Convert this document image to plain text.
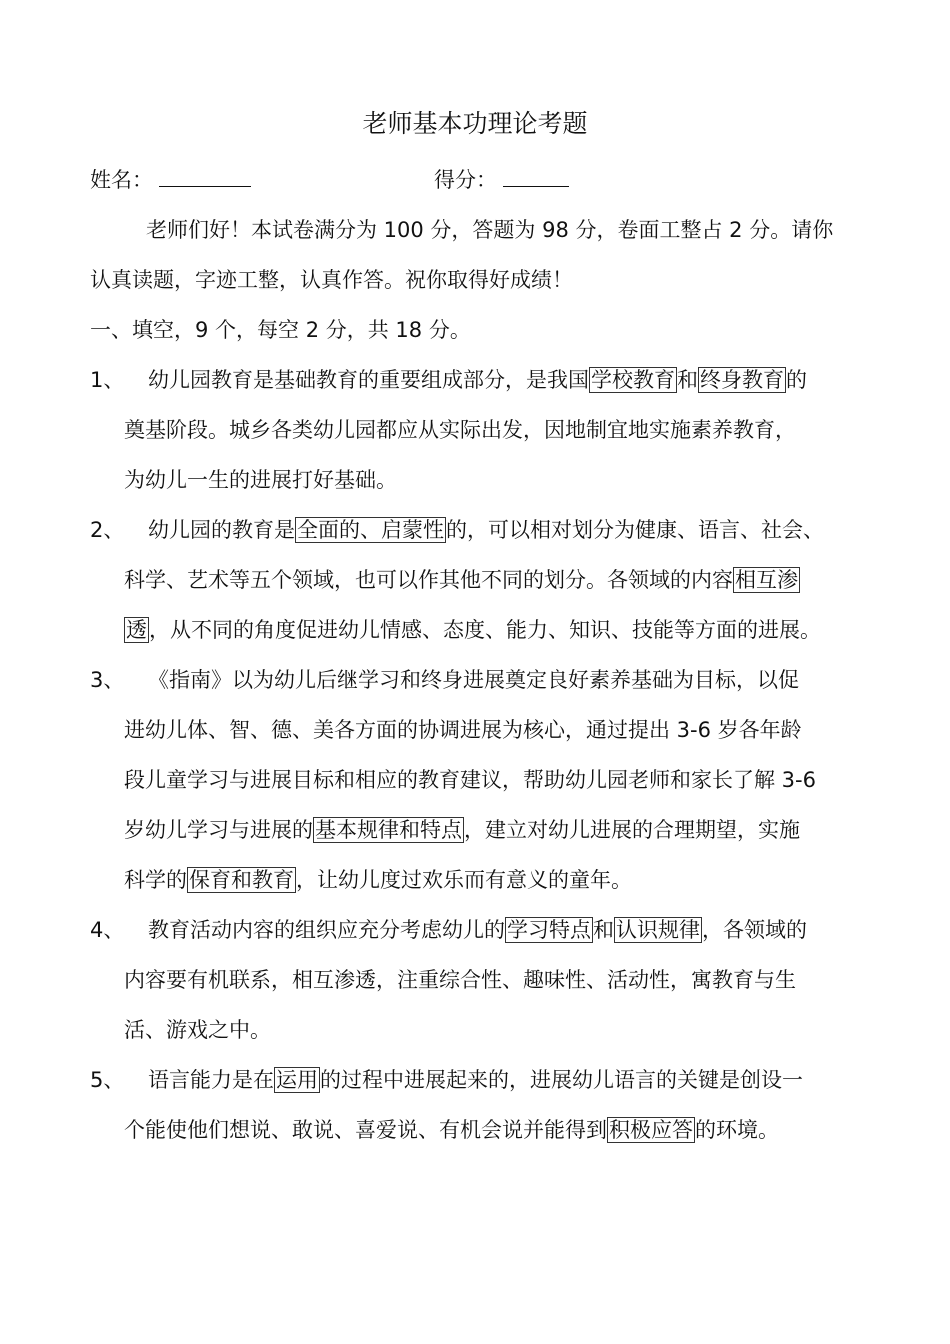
老师基本功理论考题
姓名：	得分：
老师们好！本试卷满分为 100 分，答题为 98 分，卷面工整占 2 分。请你
认真读题，字迹工整，认真作答。祝你取得好成绩！
一、填空，9 个，每空 2 分，共 18 分。
1、 幼儿园教育是基础教育的重要组成部分，是我国学校教育和终身教育的
奠基阶段。城乡各类幼儿园都应从实际出发，因地制宜地实施素养教育，
为幼儿一生的进展打好基础。
2、 幼儿园的教育是全面的、启蒙性的，可以相对划分为健康、语言、社会、
科学、艺术等五个领域，也可以作其他不同的划分。各领域的内容相互渗
透，从不同的角度促进幼儿情感、态度、能力、知识、技能等方面的进展。
3、 《指南》以为幼儿后继学习和终身进展奠定良好素养基础为目标，以促
进幼儿体、智、德、美各方面的协调进展为核心，通过提出 3-6 岁各年龄
段儿童学习与进展目标和相应的教育建议，帮助幼儿园老师和家长了解 3-6
岁幼儿学习与进展的基本规律和特点，建立对幼儿进展的合理期望，实施
科学的保育和教育，让幼儿度过欢乐而有意义的童年。
4、 教育活动内容的组织应充分考虑幼儿的学习特点和认识规律，各领域的
内容要有机联系，相互渗透，注重综合性、趣味性、活动性，寓教育与生
活、游戏之中。
5、 语言能力是在运用的过程中进展起来的，进展幼儿语言的关键是创设一
个能使他们想说、敢说、喜爱说、有机会说并能得到积极应答的环境。
